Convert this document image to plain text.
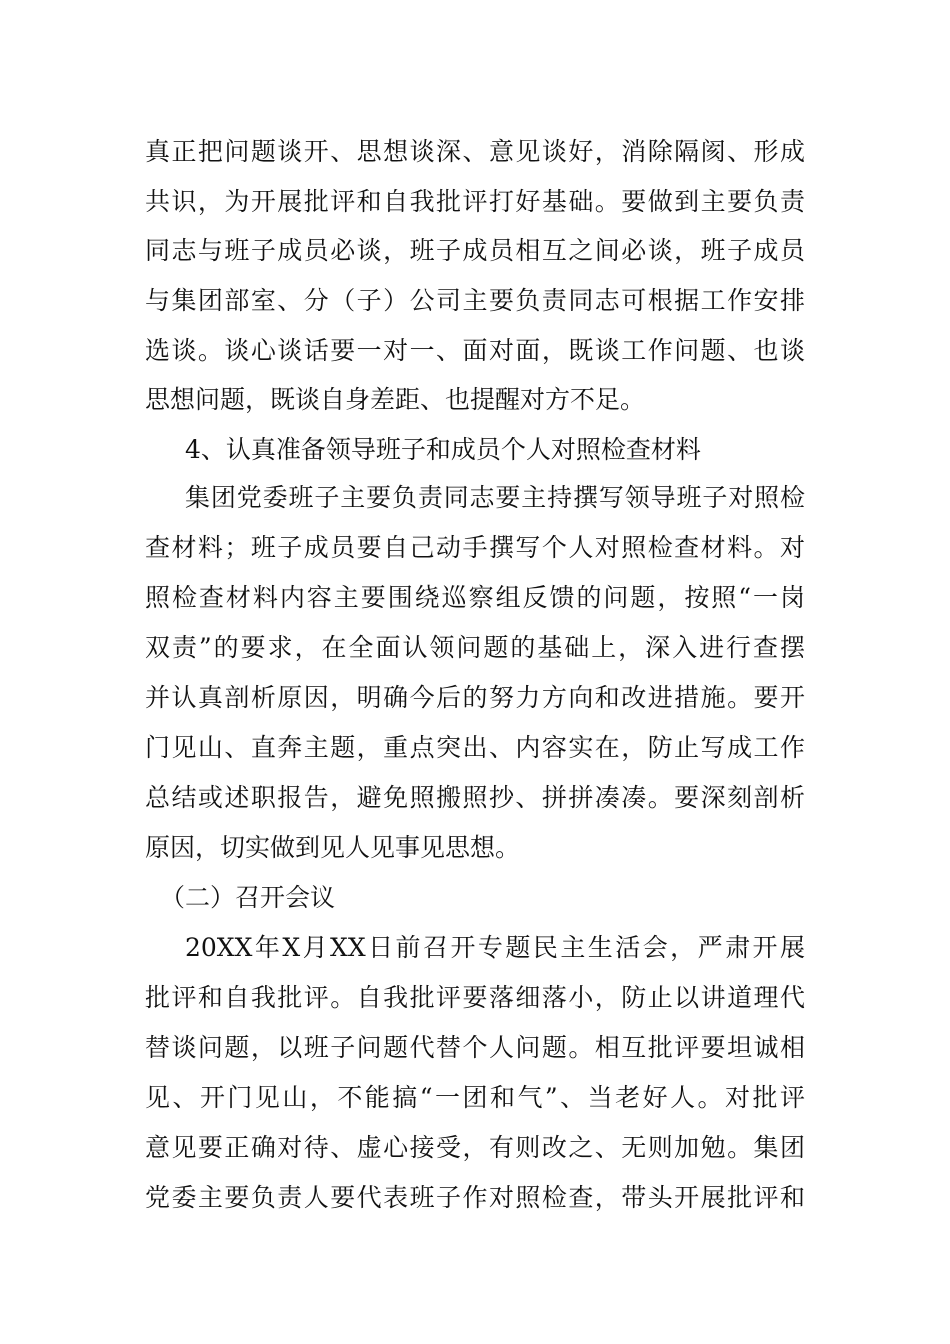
真正把问题谈开、思想谈深、意见谈好，消除隔阂、形成
共识，为开展批评和自我批评打好基础。要做到主要负责
同志与班子成员必谈，班子成员相互之间必谈，班子成员
与集团部室、分（子）公司主要负责同志可根据工作安排
选谈。谈心谈话要一对一、面对面，既谈工作问题、也谈
思想问题，既谈自身差距、也提醒对方不足。
4、认真准备领导班子和成员个人对照检查材料
集团党委班子主要负责同志要主持撰写领导班子对照检
查材料；班子成员要自己动手撰写个人对照检查材料。对
照检查材料内容主要围绕巡察组反馈的问题，按照“一岗
双责”的要求，在全面认领问题的基础上，深入进行查摆
并认真剖析原因，明确今后的努力方向和改进措施。要开
门见山、直奔主题，重点突出、内容实在，防止写成工作
总结或述职报告，避免照搬照抄、拼拼凑凑。要深刻剖析
原因，切实做到见人见事见思想。
（二）召开会议
20XX年X月XX日前召开专题民主生活会，严肃开展
批评和自我批评。自我批评要落细落小，防止以讲道理代
替谈问题，以班子问题代替个人问题。相互批评要坦诚相
见、开门见山，不能搞“一团和气”、当老好人。对批评
意见要正确对待、虚心接受，有则改之、无则加勉。集团
党委主要负责人要代表班子作对照检查，带头开展批评和
